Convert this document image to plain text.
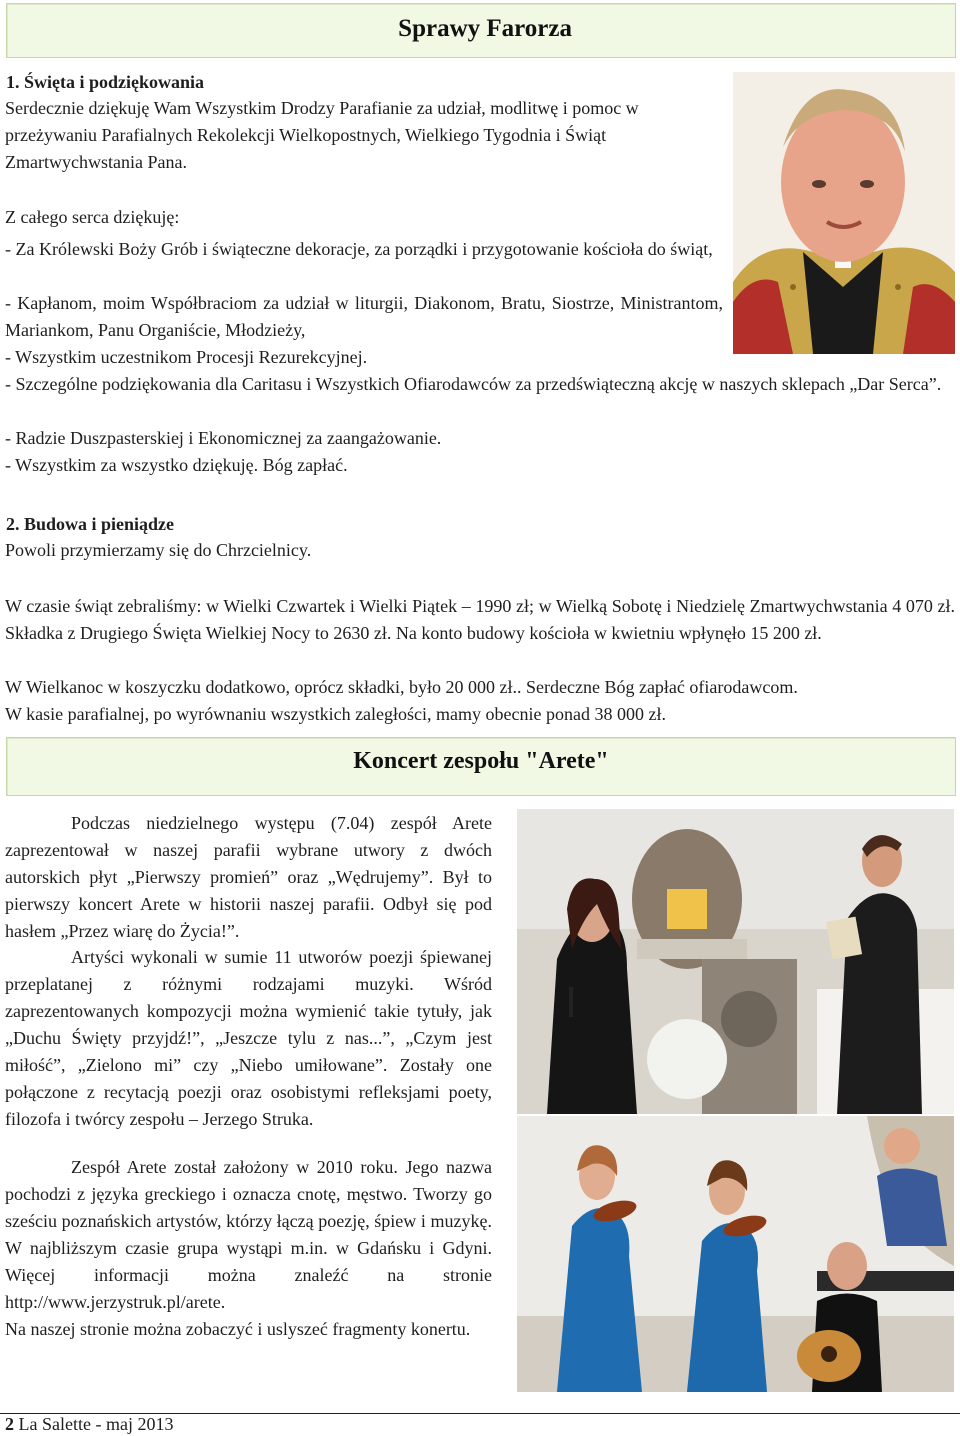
Sprawy Farorza
1. Święta i podziękowania

Serdecznie dziękuję Wam Wszystkim Drodzy Parafianie za udział, modlitwę i pomoc w przeżywaniu Parafialnych Rekolekcji Wielkopostnych, Wielkiego Tygodnia i Świąt Zmartwychwstania Pana.

Z całego serca dziękuję:

- Za Królewski Boży Grób i świąteczne dekoracje, za porządki i przygotowanie kościoła do świąt,

- Kapłanom, moim Współbraciom za udział w liturgii, Diakonom, Bratu, Siostrze, Ministrantom, Mariankom, Panu Organiście, Młodzieży,

- Wszystkim uczestnikom Procesji Rezurekcyjnej.

- Szczególne podziękowania dla Caritasu i Wszystkich Ofiarodawców za przedświąteczną akcję w naszych sklepach „Dar Serca”.

- Radzie Duszpasterskiej i Ekonomicznej za zaangażowanie.

- Wszystkim za wszystko dziękuję. Bóg zapłać.

2. Budowa i pieniądze

Powoli przymierzamy się do Chrzcielnicy.

W czasie świąt zebraliśmy: w Wielki Czwartek i Wielki Piątek – 1990 zł; w Wielką Sobotę i Niedzielę Zmartwychwstania 4 070 zł. Składka z Drugiego Święta Wielkiej Nocy to 2630 zł. Na konto budowy kościoła w kwietniu wpłynęło 15 200 zł.

W Wielkanoc w koszyczku dodatkowo, oprócz składki, było 20 000 zł.. Serdeczne Bóg zapłać ofiarodawcom.

W kasie parafialnej, po wyrównaniu wszystkich zaległości, mamy obecnie ponad 38 000 zł.

Koncert zespołu "Arete"

Podczas niedzielnego występu (7.04) zespół Arete zaprezentował w naszej parafii wybrane utwory z dwóch autorskich płyt „Pierwszy promień” oraz „Wędrujemy”. Był to pierwszy koncert Arete w historii naszej parafii. Odbył się pod hasłem „Przez wiarę do Życia!”.

Artyści wykonali w sumie 11 utworów poezji śpiewanej przeplatanej z różnymi rodzajami muzyki. Wśród zaprezentowanych kompozycji można wymienić takie tytuły, jak „Duchu Święty przyjdź!”, „Jeszcze tylu z nas...”, „Czym jest miłość”, „Zielono mi” czy „Niebo umiłowane”. Zostały one połączone z recytacją poezji oraz osobistymi refleksjami poety, filozofa i twórcy zespołu – Jerzego Struka.

Zespół Arete został założony w 2010 roku. Jego nazwa pochodzi z języka greckiego i oznacza cnotę, męstwo. Tworzy go sześciu poznańskich artystów, którzy łączą poezję, śpiew i muzykę. W najbliższym czasie grupa wystąpi m.in. w Gdańsku i Gdyni. Więcej informacji można znaleźć na stronie http://www.jerzystruk.pl/arete.

Na naszej stronie można zobaczyć i uslyszeć fragmenty konertu.

2 La Salette - maj 2013
